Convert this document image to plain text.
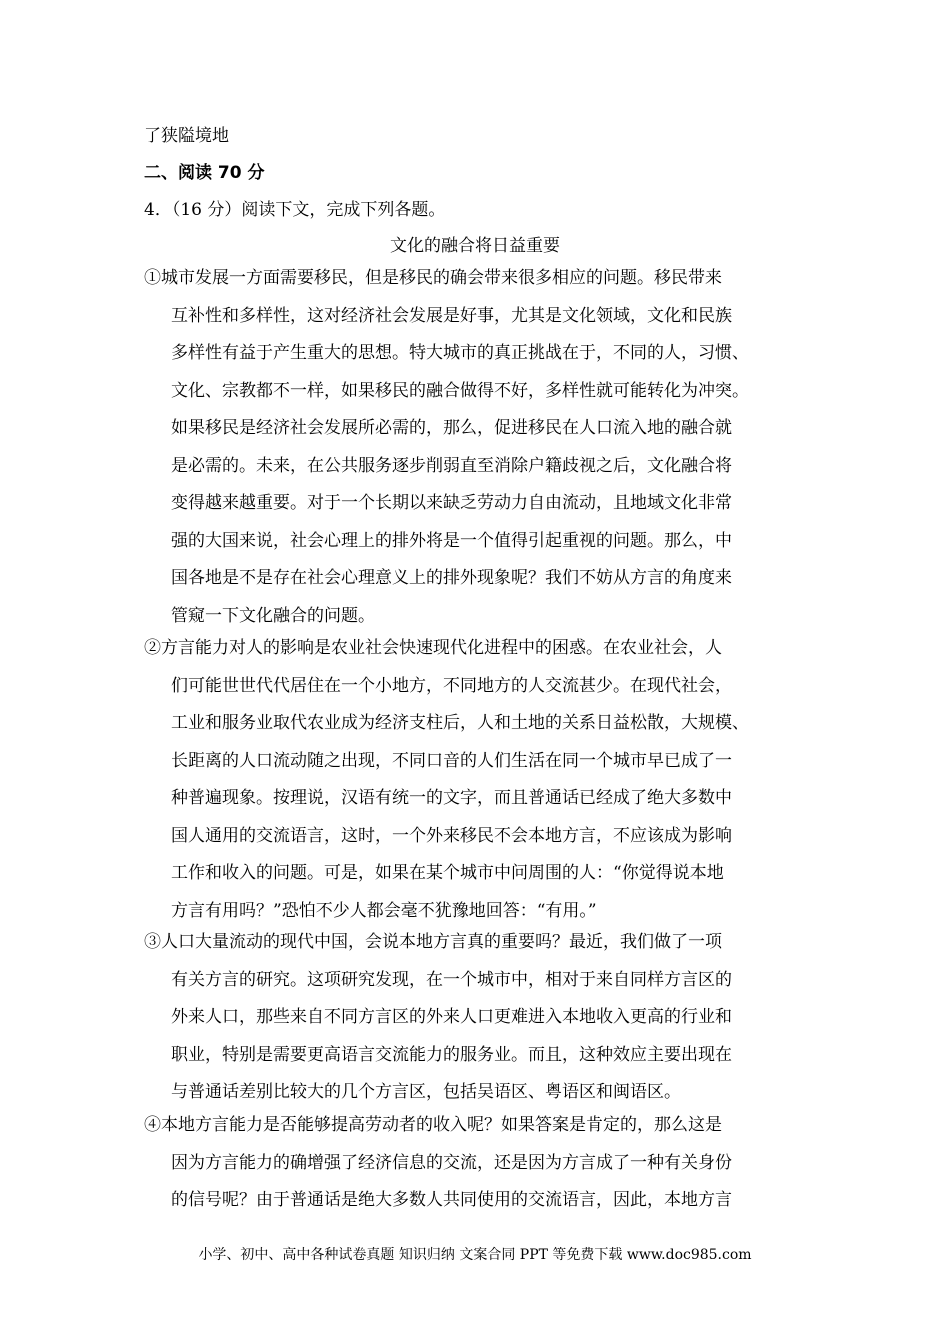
了狭隘境地
二、阅读 70 分
4．（16 分）阅读下文，完成下列各题。
文化的融合将日益重要
①城市发展一方面需要移民，但是移民的确会带来很多相应的问题。移民带来
互补性和多样性，这对经济社会发展是好事，尤其是文化领域，文化和民族
多样性有益于产生重大的思想。特大城市的真正挑战在于，不同的人，习惯、
文化、宗教都不一样，如果移民的融合做得不好，多样性就可能转化为冲突。
如果移民是经济社会发展所必需的，那么，促进移民在人口流入地的融合就
是必需的。未来，在公共服务逐步削弱直至消除户籍歧视之后，文化融合将
变得越来越重要。对于一个长期以来缺乏劳动力自由流动，且地域文化非常
强的大国来说，社会心理上的排外将是一个值得引起重视的问题。那么，中
国各地是不是存在社会心理意义上的排外现象呢？我们不妨从方言的角度来
管窥一下文化融合的问题。
②方言能力对人的影响是农业社会快速现代化进程中的困惑。在农业社会，人
们可能世世代代居住在一个小地方，不同地方的人交流甚少。在现代社会，
工业和服务业取代农业成为经济支柱后，人和土地的关系日益松散，大规模、
长距离的人口流动随之出现，不同口音的人们生活在同一个城市早已成了一
种普遍现象。按理说，汉语有统一的文字，而且普通话已经成了绝大多数中
国人通用的交流语言，这时，一个外来移民不会本地方言，不应该成为影响
工作和收入的问题。可是，如果在某个城市中问周围的人：“你觉得说本地
方言有用吗？”恐怕不少人都会毫不犹豫地回答：“有用。”
③人口大量流动的现代中国，会说本地方言真的重要吗？最近，我们做了一项
有关方言的研究。这项研究发现，在一个城市中，相对于来自同样方言区的
外来人口，那些来自不同方言区的外来人口更难进入本地收入更高的行业和
职业，特别是需要更高语言交流能力的服务业。而且，这种效应主要出现在
与普通话差别比较大的几个方言区，包括吴语区、粤语区和闽语区。
④本地方言能力是否能够提高劳动者的收入呢？如果答案是肯定的，那么这是
因为方言能力的确增强了经济信息的交流，还是因为方言成了一种有关身份
的信号呢？由于普通话是绝大多数人共同使用的交流语言，因此，本地方言
小学、初中、高中各种试卷真题 知识归纳 文案合同 PPT 等免费下载 www.doc985.com
